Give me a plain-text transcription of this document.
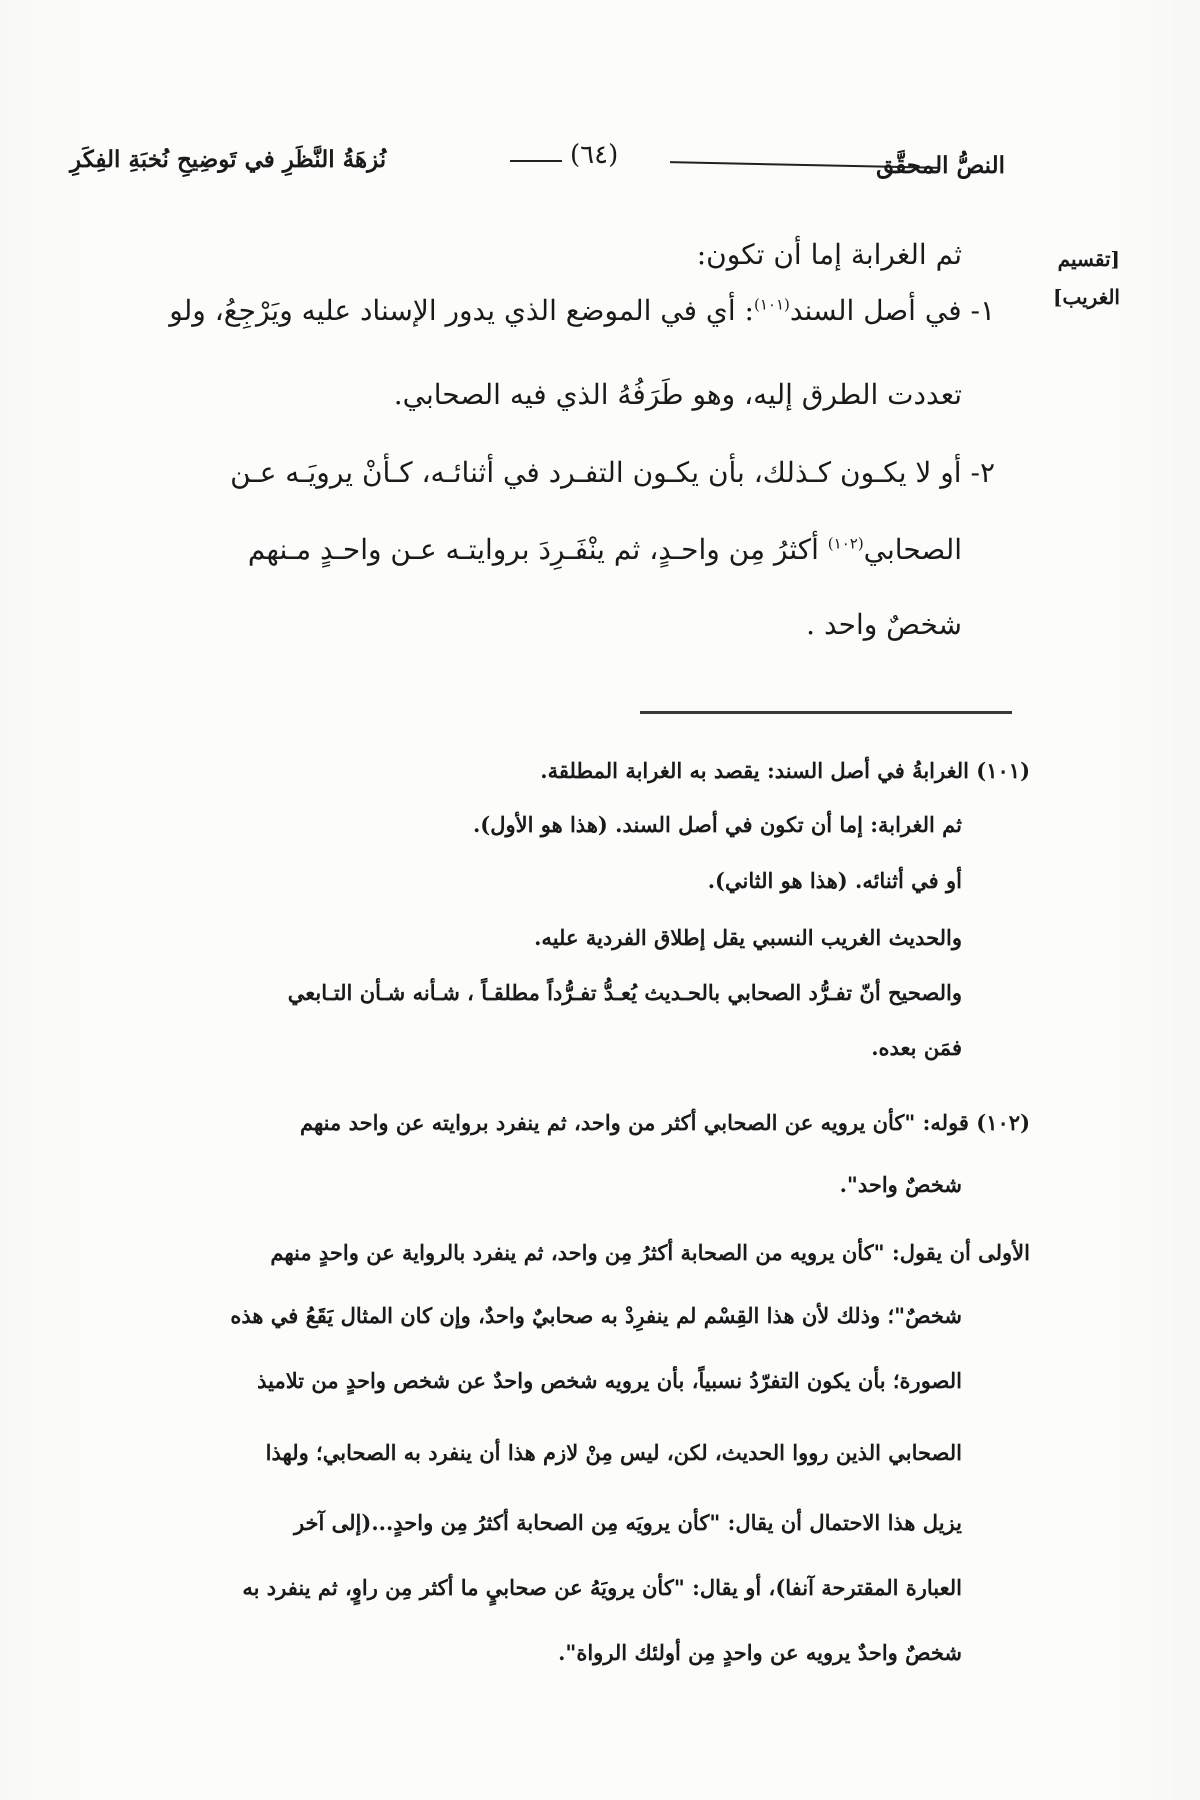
نُزهَةُ النَّظَرِ في تَوضِيحِ نُخبَةِ الفِكَرِ	(٦٤)	النصُّ المحقَّق
[تقسيم
الغريب]
ثم الغرابة إما أن تكون:
١- في أصل السند$^{(١٠١)}$: أي في الموضع الذي يدور الإسناد عليه ويَرْجِعُ، ولو
تعددت الطرق إليه، وهو طَرَفُهُ الذي فيه الصحابي.
٢- أو لا يكـون كـذلك، بأن يكـون التفـرد في أثنائـه، كـأنْ يرويَـه عـن
الصحابي$^{(١٠٢)}$ أكثرُ مِن واحـدٍ، ثم ينْفَـرِدَ بروايتـه عـن واحـدٍ مـنهم
شخصٌ واحد .
(١٠١) الغرابةُ في أصل السند: يقصد به الغرابة المطلقة.
ثم الغرابة: إما أن تكون في أصل السند. (هذا هو الأول).
أو في أثنائه. (هذا هو الثاني).
والحديث الغريب النسبي يقل إطلاق الفردية عليه.
والصحيح أنّ تفـرُّد الصحابي بالحـديث يُعـدُّ تفـرُّداً مطلقـاً ، شـأنه شـأن التـابعي
فمَن بعده.
(١٠٢) قوله: "كأن يرويه عن الصحابي أكثر من واحد، ثم ينفرد بروايته عن واحد منهم
شخصٌ واحد".
الأولى أن يقول: "كأن يرويه من الصحابة أكثرُ مِن واحد، ثم ينفرد بالرواية عن واحدٍ منهم
شخصٌ"؛ وذلك لأن هذا القِسْم لم ينفرِدْ به صحابيٌ واحدٌ، وإن كان المثال يَقَعُ في هذه
الصورة؛ بأن يكون التفرّدُ نسبياً، بأن يرويه شخص واحدٌ عن شخص واحدٍ من تلاميذ
الصحابي الذين رووا الحديث، لكن، ليس مِنْ لازم هذا أن ينفرد به الصحابي؛ ولهذا
يزيل هذا الاحتمال أن يقال: "كأن يرويَه مِن الصحابة أكثرُ مِن واحدٍ...(إلى آخر
العبارة المقترحة آنفا)، أو يقال: "كأن يرويَهُ عن صحابيٍ ما أكثر مِن راوٍ، ثم ينفرد به
شخصٌ واحدٌ يرويه عن واحدٍ مِن أولئك الرواة".
